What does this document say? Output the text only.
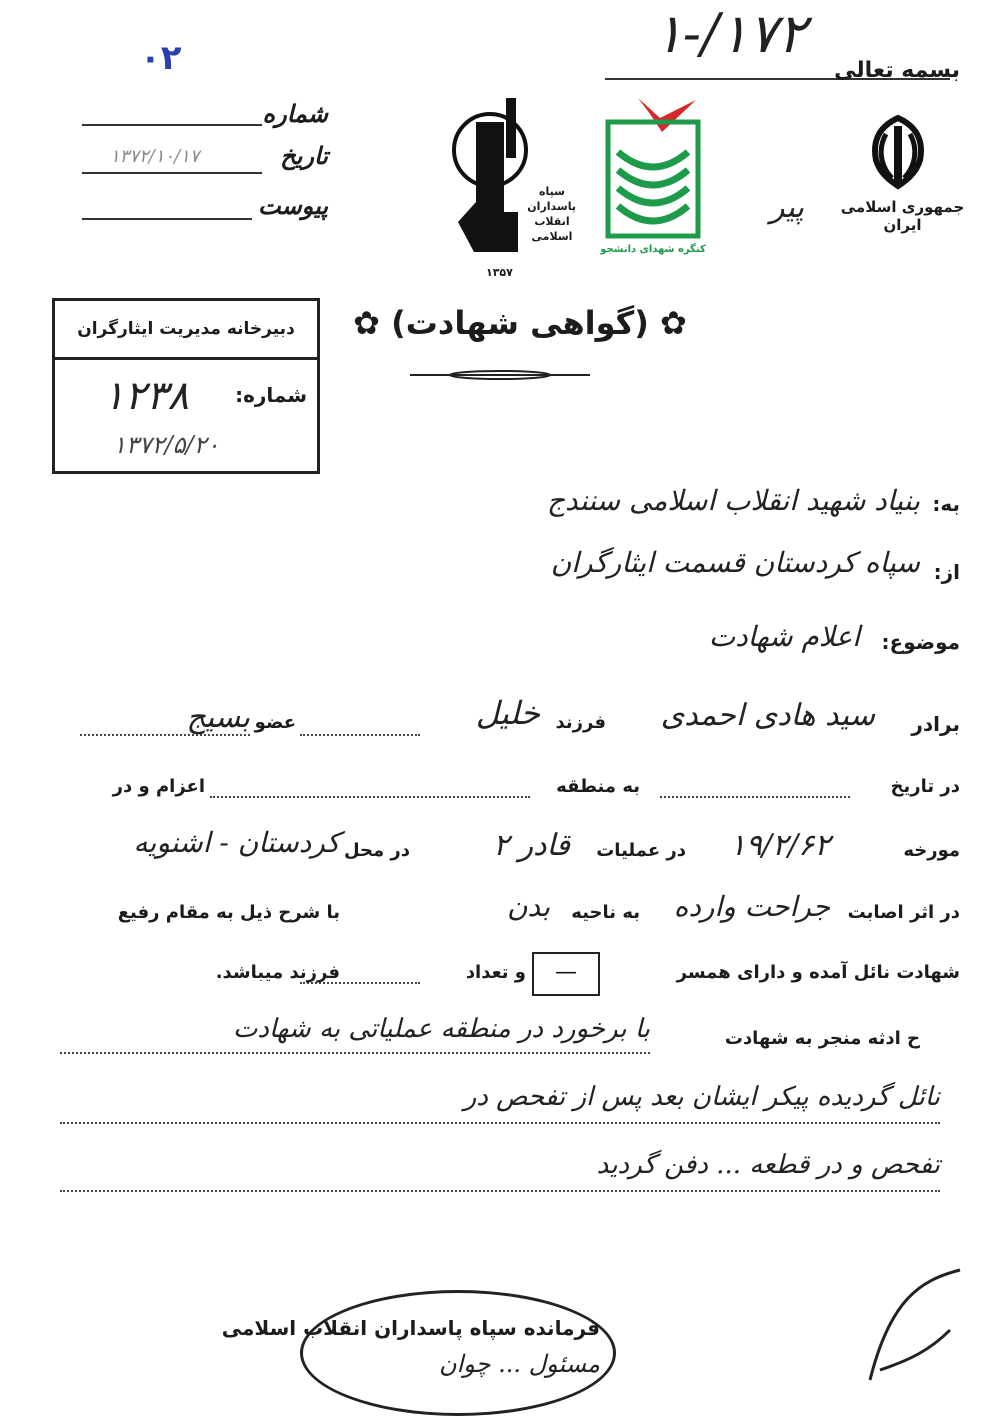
۱-/۱۷۲
۰۲	بسمه تعالی
جمهوری اسلامی ایران
پیر
کنگره شهدای دانشجو
سپاه پاسداران انقلاب اسلامی
۱۳۵۷
شماره
تاریخ
۱۳۷۲/۱۰/۱۷
پیوست
دبیرخانه مدیریت ایثارگران
شماره:
۱۲۳۸
۱۳۷۲/۵/۲۰
✿ (گواهی شهادت) ✿
به:
بنیاد شهید انقلاب اسلامی سنندج
از:
سپاه کردستان قسمت ایثارگران
موضوع:
اعلام شهادت
برادر
سید هادی احمدی
فرزند
خلیل
عضو
بسیج
در تاریخ
به منطقه
اعزام و در
مورخه
۱۹/۲/۶۲
در عملیات
قادر ۲
در محل
کردستان - اشنویه
در اثر اصابت
جراحت وارده
به ناحیه
بدن
با شرح ذیل به مقام رفیع
شهادت نائل آمده و دارای همسر
—
و تعداد
فرزند میباشد.
ح ادثه منجر به شهادت
با برخورد در منطقه عملیاتی به شهادت
نائل گردیده پیکر ایشان بعد پس از تفحص در
تفحص و در قطعه ... دفن گردید
فرمانده سپاه پاسداران انقلاب اسلامی
مسئول ... چوان
